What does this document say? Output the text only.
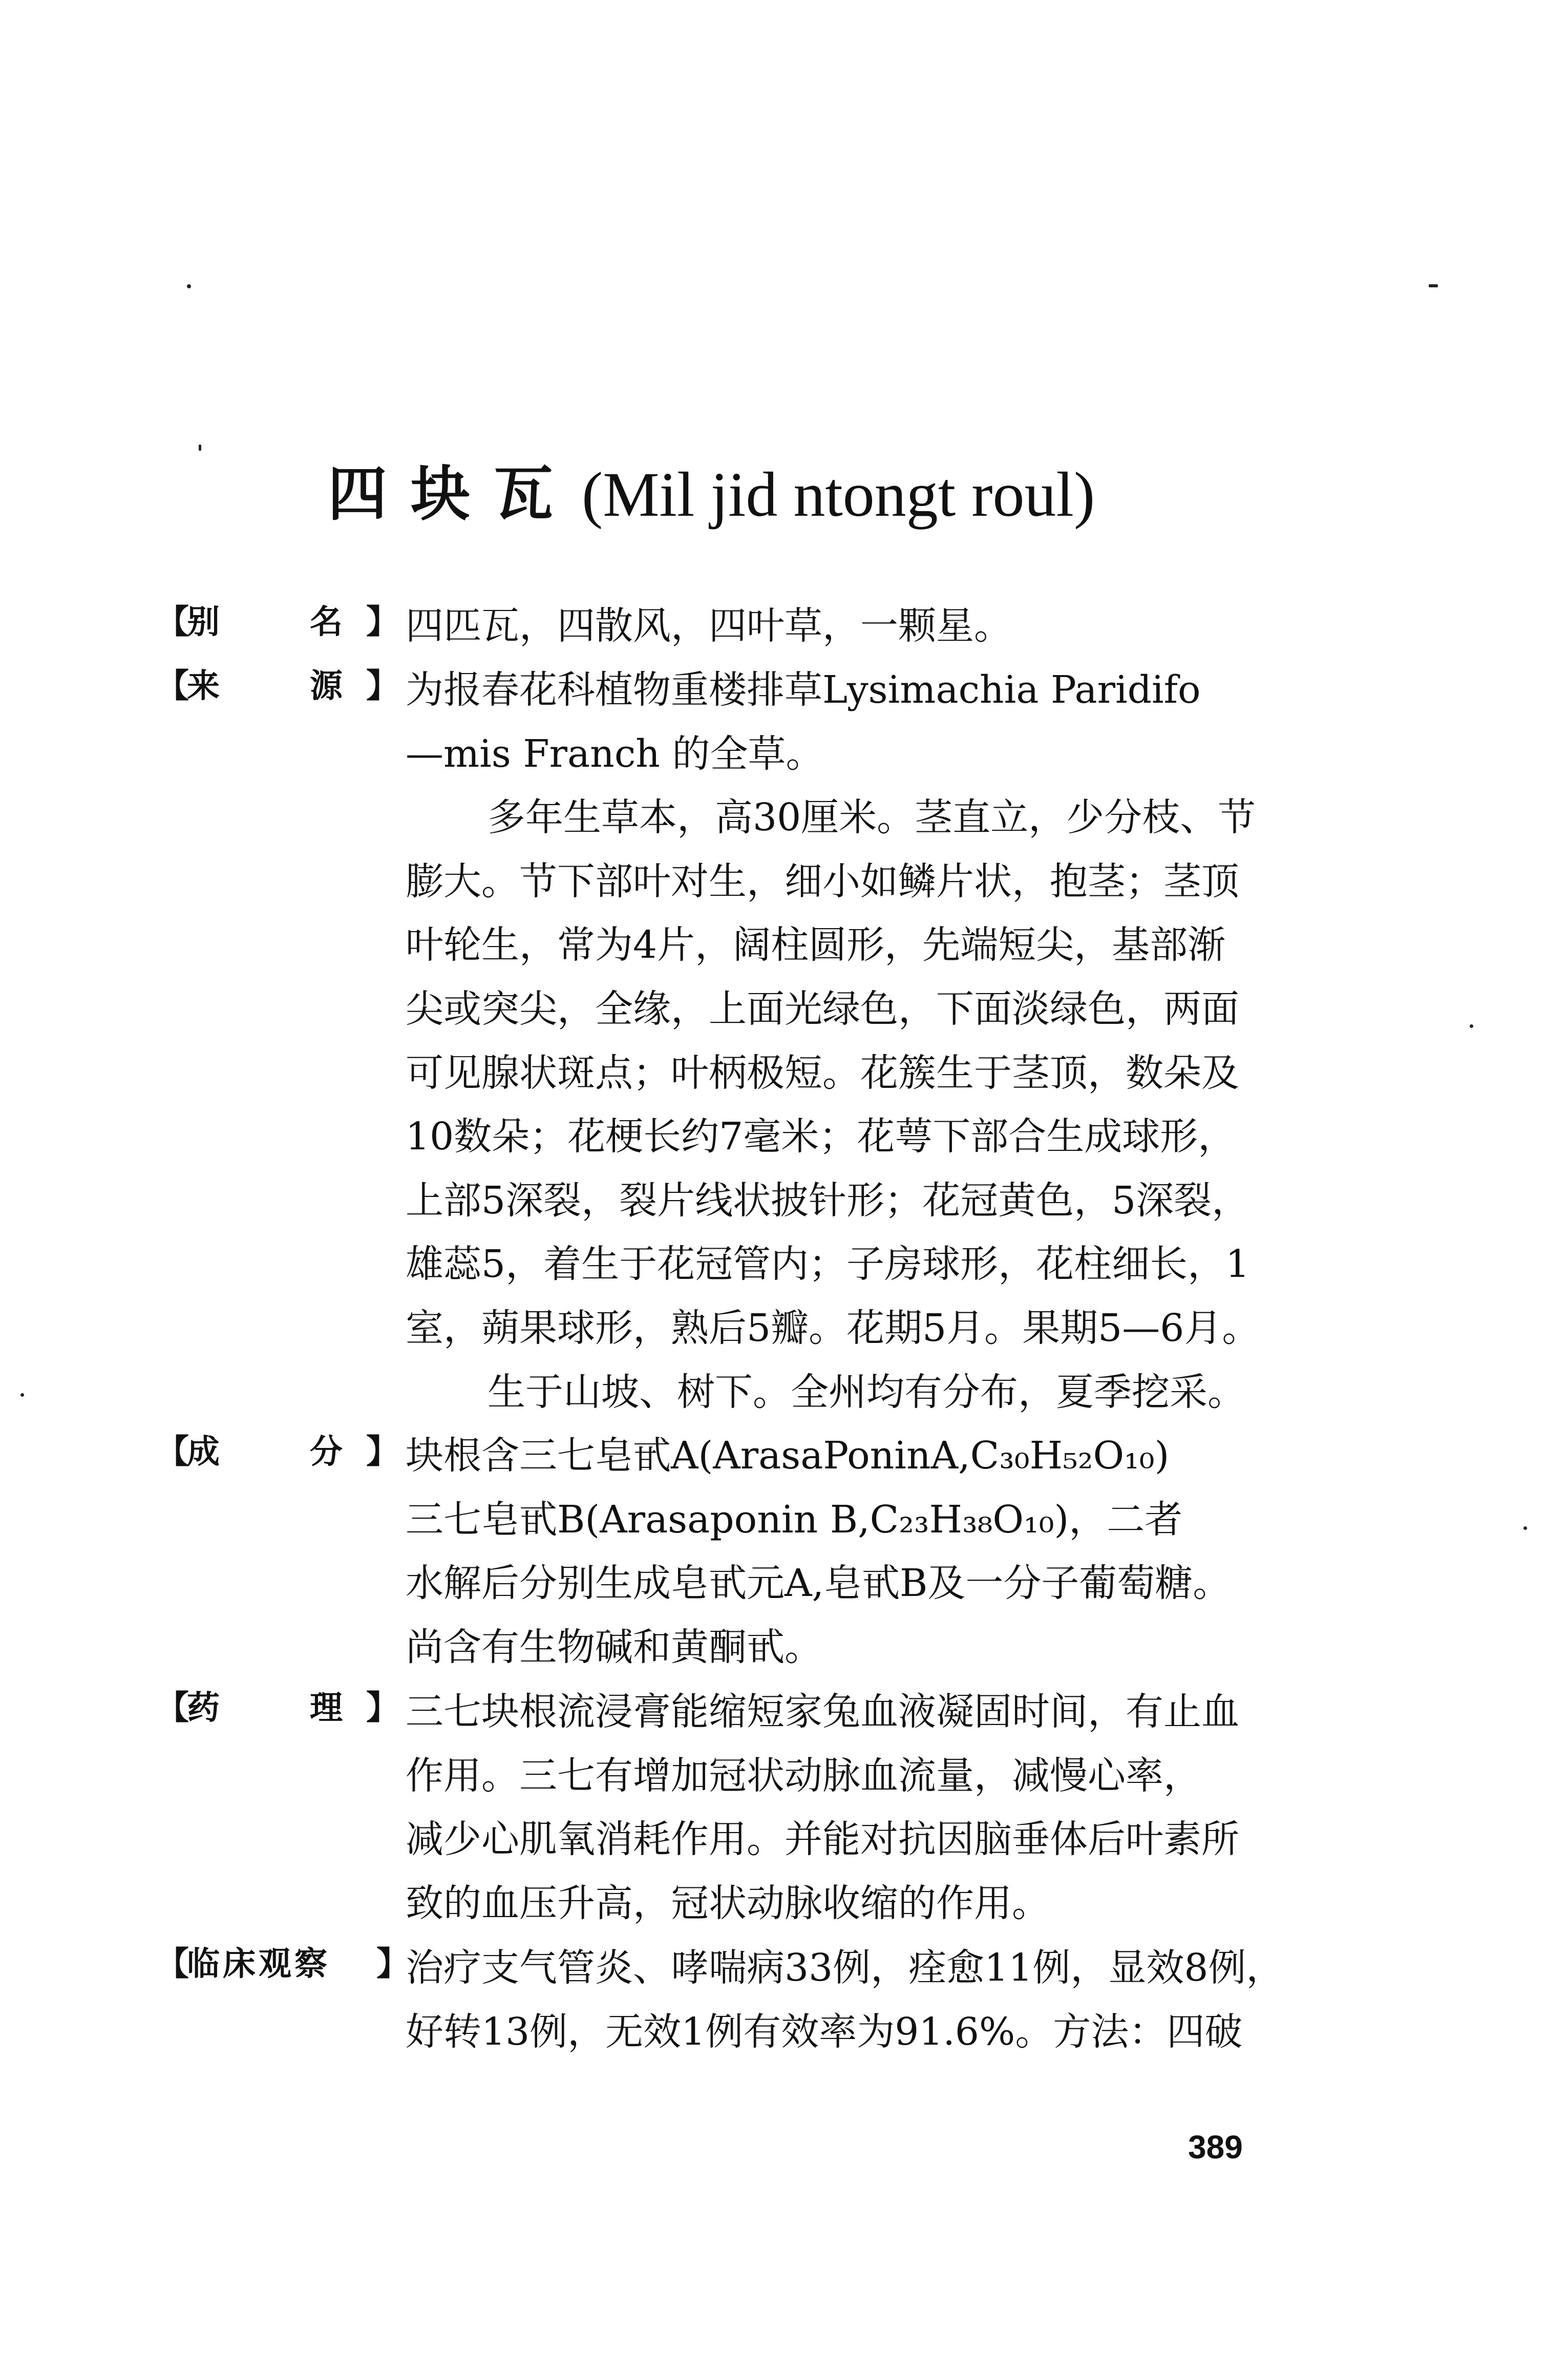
四块瓦(Mil jid ntongt roul)
【
别	名 】 四匹瓦，四散风，四叶草，一颗星。
【
来	源 】 为报春花科植物重楼排草Lysimachia Paridifo
—mis Franch 的全草。
多年生草本，高30厘米。茎直立，少分枝、节
膨大。节下部叶对生，细小如鳞片状，抱茎；茎顶
叶轮生，常为4片，阔柱圆形，先端短尖，基部渐
尖或突尖，全缘，上面光绿色，下面淡绿色，两面
可见腺状斑点；叶柄极短。花簇生于茎顶，数朵及
10数朵；花梗长约7毫米；花萼下部合生成球形，
上部5深裂，裂片线状披针形；花冠黄色，5深裂，
雄蕊5，着生于花冠管内；子房球形，花柱细长，1
室，蒴果球形，熟后5瓣。花期5月。果期5—6月。
生于山坡、树下。全州均有分布，夏季挖采。
【
成	分 】 块根含三七皂甙A(ArasaPoninA,C₃₀H₅₂O₁₀)
三七皂甙B(Arasaponin B,C₂₃H₃₈O₁₀)，二者
水解后分别生成皂甙元A,皂甙B及一分子葡萄糖。
尚含有生物碱和黄酮甙。
【
药	理 】 三七块根流浸膏能缩短家兔血液凝固时间，有止血
作用。三七有增加冠状动脉血流量，减慢心率，
减少心肌氧消耗作用。并能对抗因脑垂体后叶素所
致的血压升高，冠状动脉收缩的作用。
【
临床观察 】
治疗支气管炎、哮喘病33例，痊愈11例，显效8例，
好转13例，无效1例有效率为91.6%。方法：四破
389
